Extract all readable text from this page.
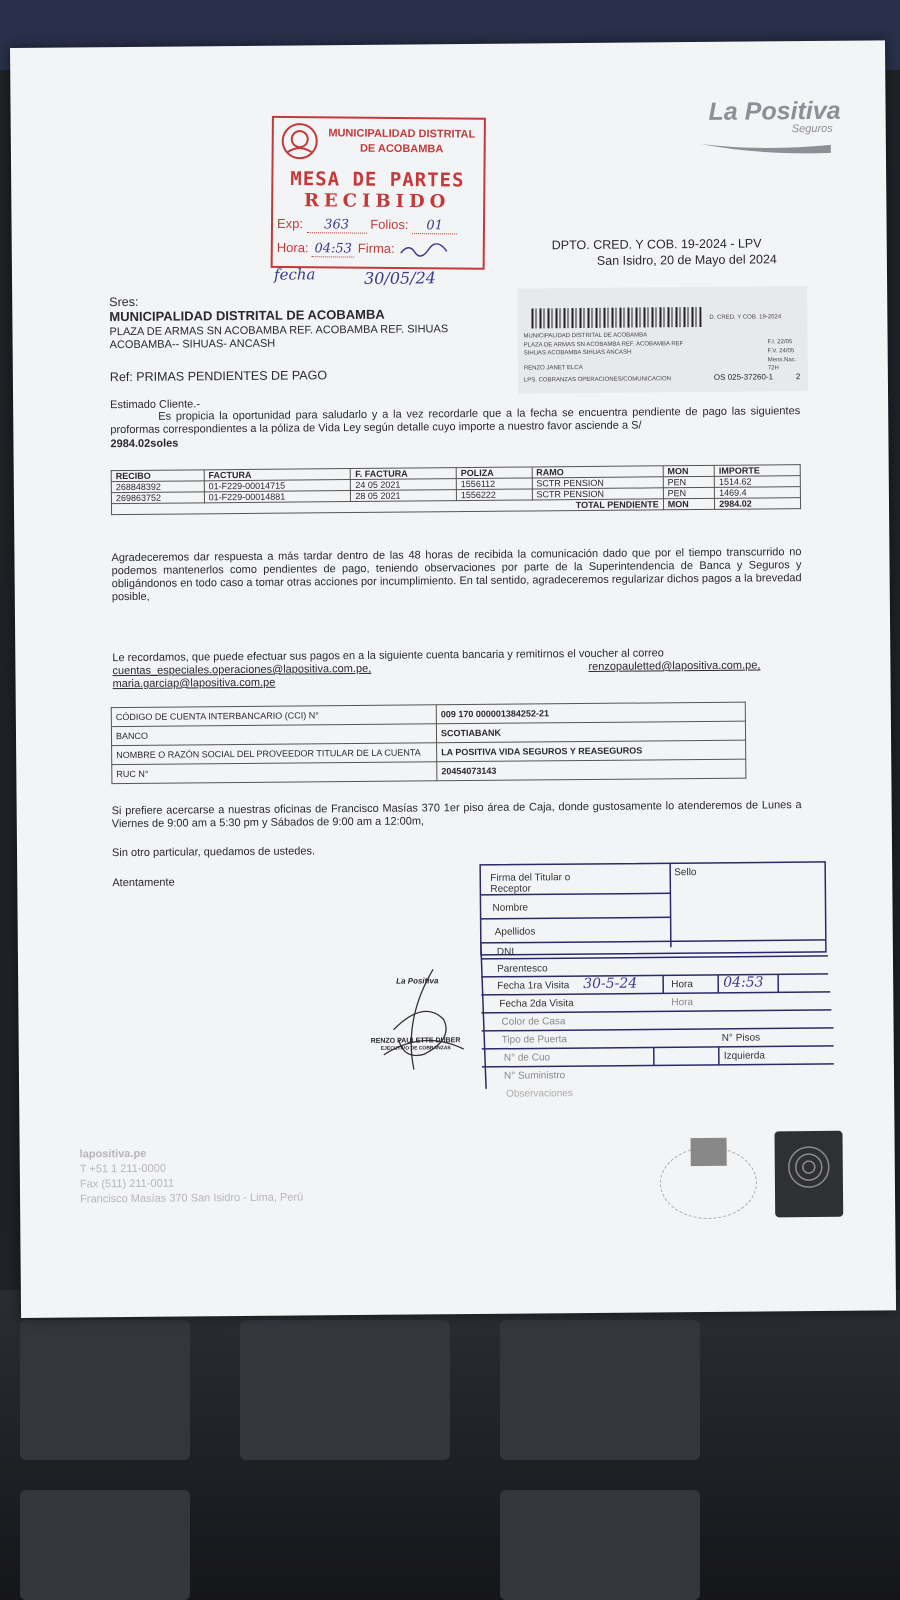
MUNICIPALIDAD DISTRITAL DE ACOBAMBA
MESA DE PARTES
RECIBIDO
Exp: 363 Folios: 01
Hora: 04:53 Firma:
fecha	30/05/24
La Positiva
Seguros
DPTO. CRED. Y COB. 19-2024 - LPV
San Isidro, 20 de Mayo del 2024
Sres:
MUNICIPALIDAD DISTRITAL DE ACOBAMBA
PLAZA DE ARMAS SN ACOBAMBA REF. ACOBAMBA REF. SIHUAS
ACOBAMBA-- SIHUAS- ANCASH
D. CRED. Y COB. 19-2024
MUNICIPALIDAD DISTRITAL DE ACOBAMBA
PLAZA DE ARMAS SN ACOBAMBA REF. ACOBAMBA REF
SIHUAS ACOBAMBA SIHUAS ANCASH
F.I. 22/05
F.V. 24/05
Mens.Nac. 72H
RENZO JANET ELCA
LPS. COBRANZAS OPERACIONES/COMUNICACION	OS 025-37260-1	2
Ref: PRIMAS PENDIENTES DE PAGO
Estimado Cliente.-
Es propicia la oportunidad para saludarlo y a la vez recordarle que a la fecha se encuentra pendiente de pago las siguientes proformas correspondientes a la póliza de Vida Ley según detalle cuyo importe a nuestro favor asciende a S/
2984.02soles
RECIBO	FACTURA	F. FACTURA	POLIZA	RAMO	MON	IMPORTE
268848392	01-F229-00014715	24 05 2021	1556112	SCTR PENSION	PEN	1514.62
269863752	01-F229-00014881	28 05 2021	1556222	SCTR PENSION	PEN	1469.4
TOTAL PENDIENTE					MON	2984.02
Agradeceremos dar respuesta a más tardar dentro de las 48 horas de recibida la comunicación dado que por el tiempo transcurrido no podemos mantenerlos como pendientes de pago, teniendo observaciones por parte de la Superintendencia de Banca y Seguros y obligándonos en todo caso a tomar otras acciones por incumplimiento. En tal sentido, agradeceremos regularizar dichos pagos a la brevedad posible,
Le recordamos, que puede efectuar sus pagos en a la siguiente cuenta bancaria y remitirnos el voucher al correo
cuentas_especiales.operaciones@lapositiva.com.pe,	renzopauletted@lapositiva.com.pe,
maria.garciap@lapositiva.com.pe
CÓDIGO DE CUENTA INTERBANCARIO (CCI) N°	009 170 000001384252-21
BANCO	SCOTIABANK
NOMBRE O RAZÓN SOCIAL DEL PROVEEDOR TITULAR DE LA CUENTA	LA POSITIVA VIDA SEGUROS Y REASEGUROS
RUC N°	20454073143
Si prefiere acercarse a nuestras oficinas de Francisco Masías 370 1er piso área de Caja, donde gustosamente lo atenderemos de Lunes a Viernes de 9:00 am a 5:30 pm y Sábados de 9:00 am a 12:00m,
Sin otro particular, quedamos de ustedes.
Atentamente	Firma del Titular o Receptor
Sello
Nombre
Apellidos
DNI
Parentesco
Fecha 1ra Visita 30-5-24	Hora 04:53
Fecha 2da Visita	Hora
Color de Casa
Tipo de Puerta	N° Pisos
Izquierda
N° de Cuo
N° Suministro
Observaciones
La Positiva
RENZO PAULETTE DUBER
EJECUTIVO DE COBRANZAS
lapositiva.pe
T +51 1 211-0000
Fax (511) 211-0011
Francisco Masías 370 San Isidro - Lima, Perú
